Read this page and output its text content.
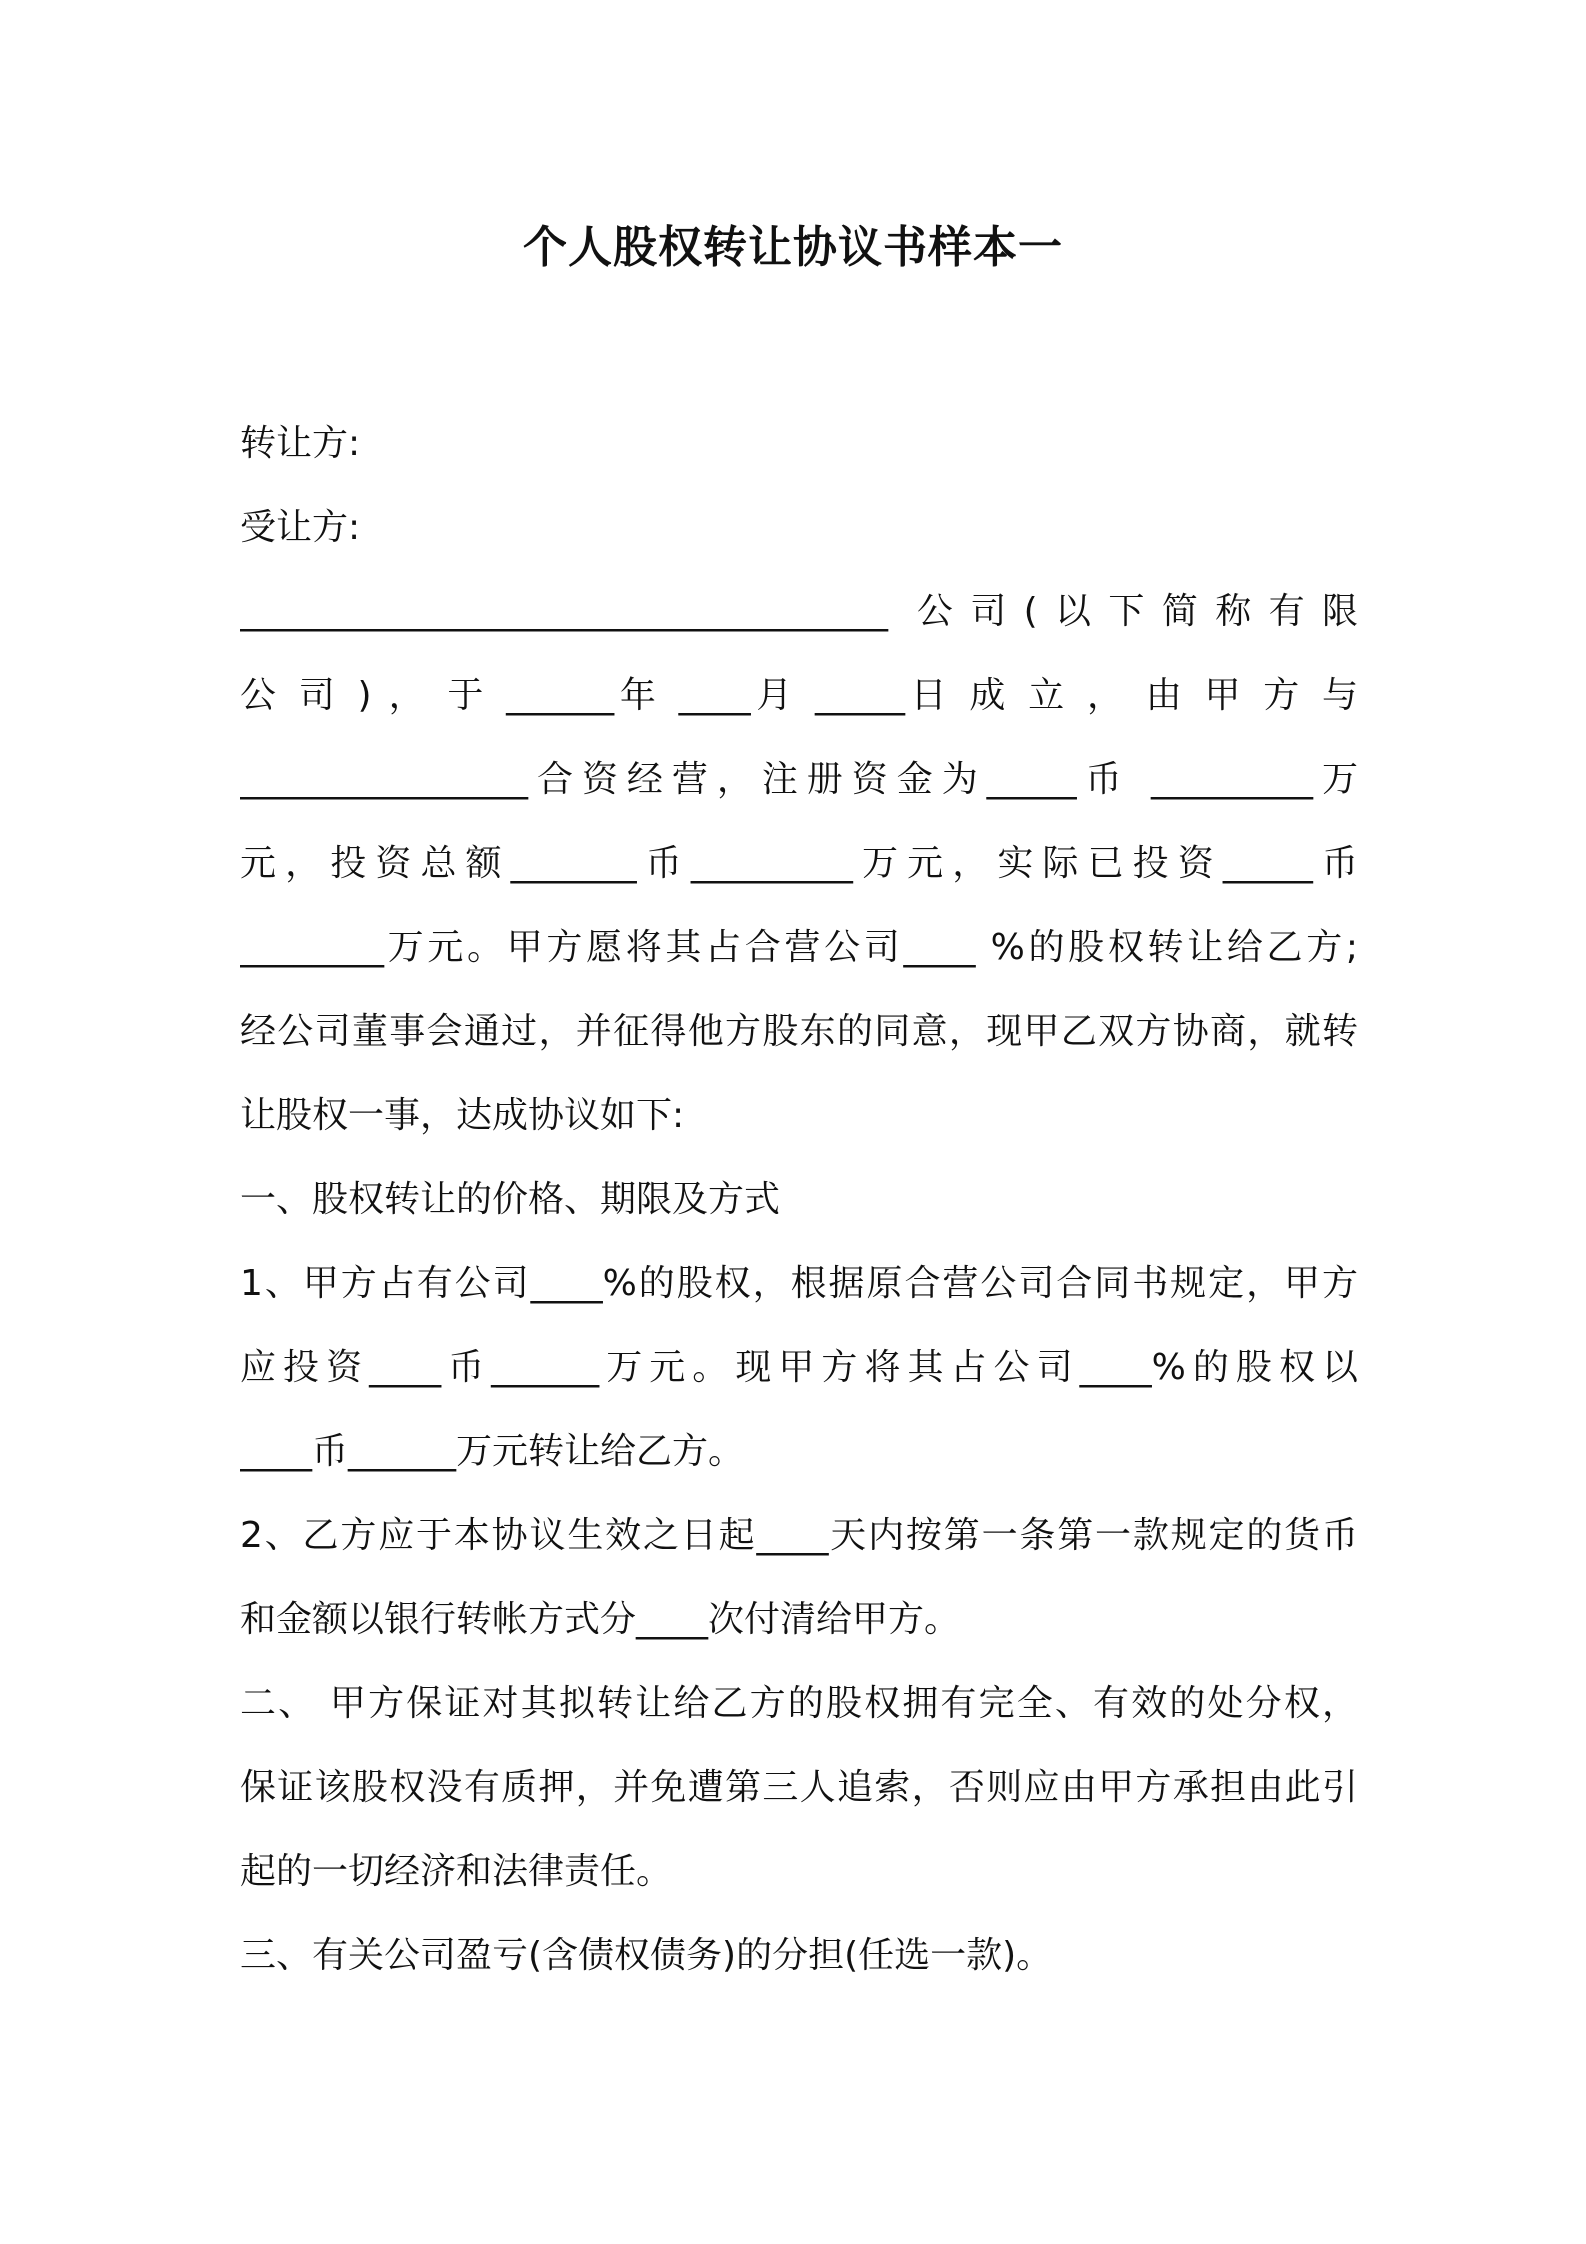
个人股权转让协议书样本一
转让方:
受让方:
____________________________________ 公司(以下简称有限
公 司 ) ， 于 ______年 ____月 _____日 成 立 ， 由 甲 方 与
________________合资经营，注册资金为_____币 _________万
元，投资总额_______币_________万元，实际已投资_____币
________万元。甲方愿将其占合营公司____ %的股权转让给乙方;
经公司董事会通过，并征得他方股东的同意，现甲乙双方协商，就转
让股权一事，达成协议如下:
一、股权转让的价格、期限及方式
1、甲方占有公司____%的股权，根据原合营公司合同书规定，甲方
应投资____币______万元。现甲方将其占公司____%的股权以
____币______万元转让给乙方。
2、乙方应于本协议生效之日起____天内按第一条第一款规定的货币
和金额以银行转帐方式分____次付清给甲方。
二、 甲方保证对其拟转让给乙方的股权拥有完全、有效的处分权，
保证该股权没有质押，并免遭第三人追索，否则应由甲方承担由此引
起的一切经济和法律责任。
三、有关公司盈亏(含债权债务)的分担(任选一款)。
